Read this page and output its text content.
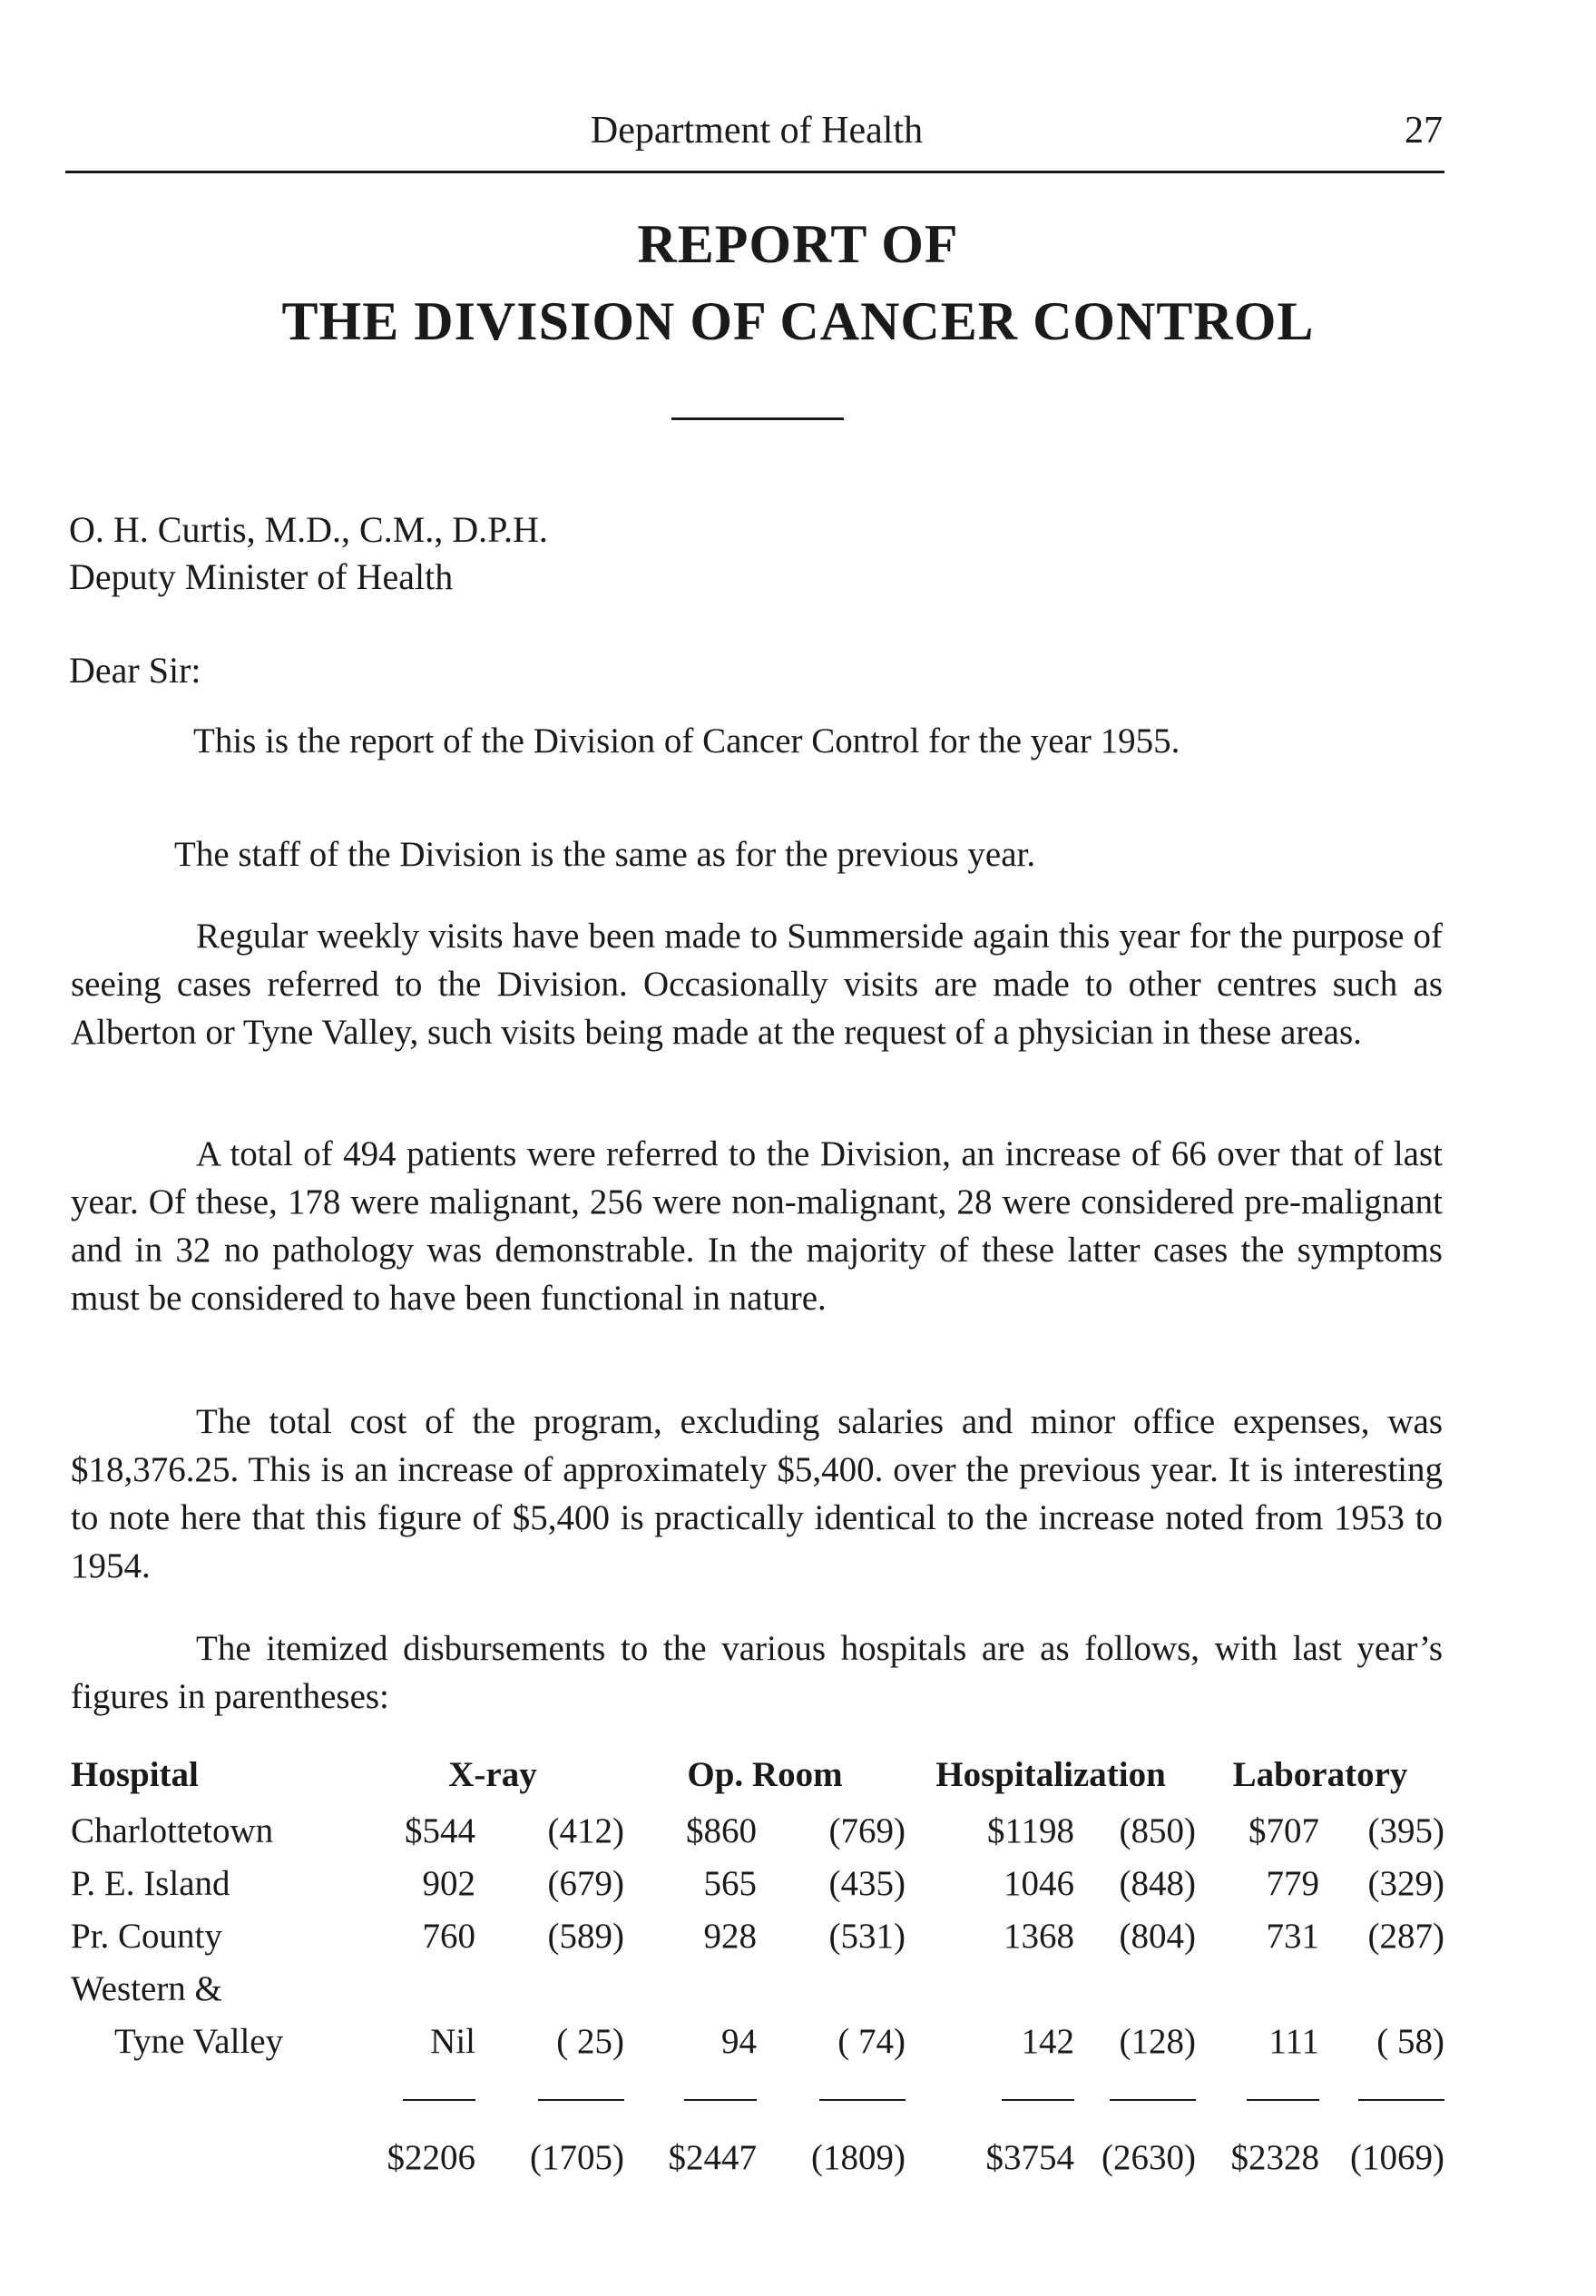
Department of Health	27
REPORT OF
THE DIVISION OF CANCER CONTROL
O. H. Curtis, M.D., C.M., D.P.H.
Deputy Minister of Health
Dear Sir:

This is the report of the Division of Cancer Control for the year 1955.

The staff of the Division is the same as for the previous year.

Regular weekly visits have been made to Summerside again this year for the purpose of seeing cases referred to the Division. Occasionally visits are made to other centres such as Alberton or Tyne Valley, such visits being made at the request of a physician in these areas.

A total of 494 patients were referred to the Division, an increase of 66 over that of last year. Of these, 178 were malignant, 256 were non-malignant, 28 were considered pre-malignant and in 32 no pathology was demonstrable. In the majority of these latter cases the symptoms must be considered to have been functional in nature.

The total cost of the program, excluding salaries and minor office expenses, was $18,376.25. This is an increase of approximately $5,400. over the previous year. It is interesting to note here that this figure of $5,400 is practically identical to the increase noted from 1953 to 1954.

The itemized disbursements to the various hospitals are as follows, with last year’s figures in parentheses:

Hospital	X-ray		Op. Room		Hospitalization		Laboratory	
Charlottetown	$544	(412)	$860	(769)	$1198	(850)	$707	(395)
P. E. Island	902	(679)	565	(435)	1046	(848)	779	(329)
Pr. County	760	(589)	928	(531)	1368	(804)	731	(287)
Western &								
Tyne Valley	Nil	( 25)	94	( 74)	142	(128)	111	( 58)

	$2206	(1705)	$2447	(1809)	$3754	(2630)	$2328	(1069)
